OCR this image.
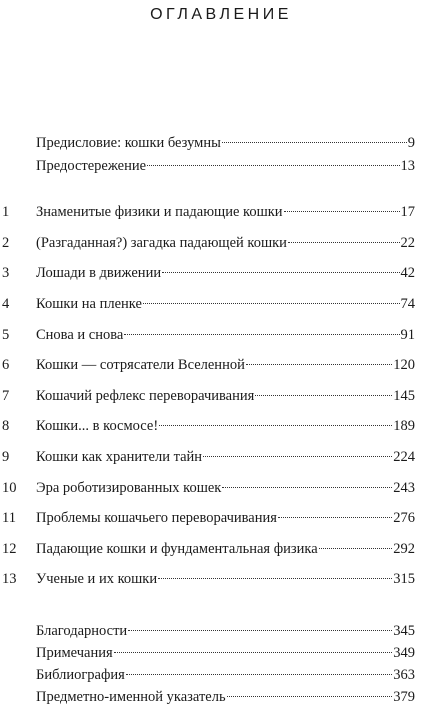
ОГЛАВЛЕНИЕ
Предисловие: кошки безумны	9
Предостережение	13
1 Знаменитые физики и падающие кошки	17
2 (Разгаданная?) загадка падающей кошки	22
3 Лошади в движении	42
4 Кошки на пленке	74
5 Снова и снова	91
6 Кошки — сотрясатели Вселенной	120
7 Кошачий рефлекс переворачивания	145
8 Кошки... в космосе!	189
9 Кошки как хранители тайн	224
10 Эра роботизированных кошек	243
11 Проблемы кошачьего переворачивания	276
12 Падающие кошки и фундаментальная физика	292
13 Ученые и их кошки	315
Благодарности	345
Примечания	349
Библиография	363
Предметно-именной указатель	379
